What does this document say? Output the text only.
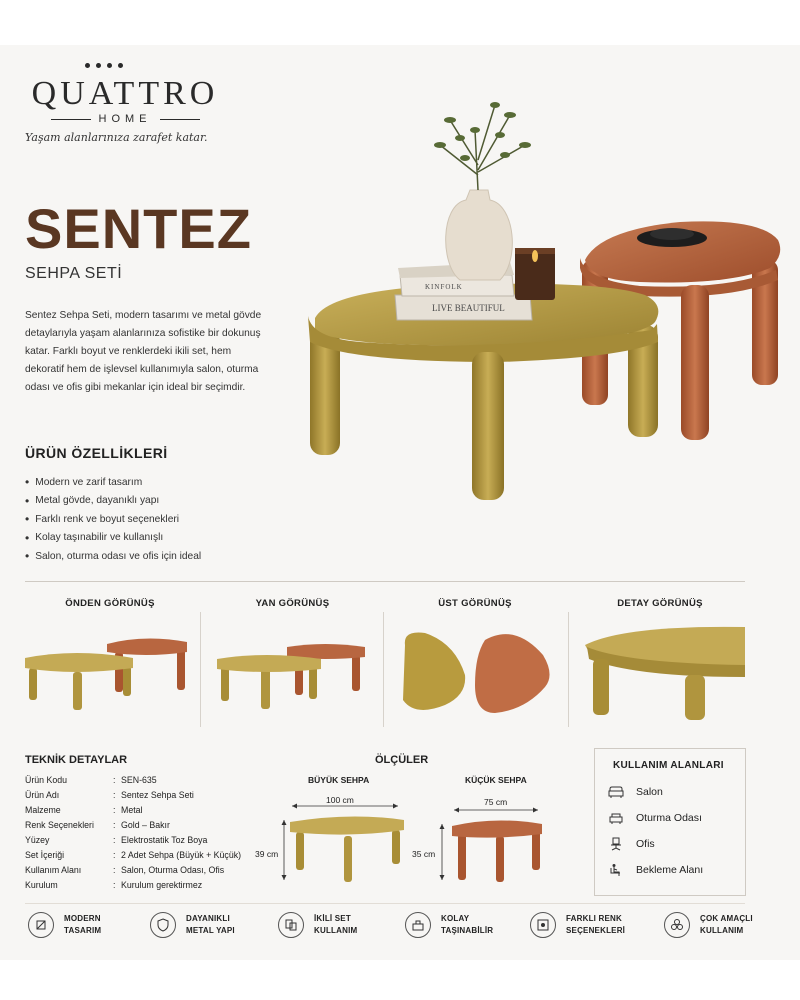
QUATTRO
HOME
Yaşam alanlarınıza zarafet katar.
SENTEZ
SEHPA SETİ
Sentez Sehpa Seti, modern tasarımı ve metal gövde detaylarıyla yaşam alanlarınıza sofistike bir dokunuş katar. Farklı boyut ve renklerdeki ikili set, hem dekoratif hem de işlevsel kullanımıyla salon, oturma odası ve ofis gibi mekanlar için ideal bir seçimdir.
ÜRÜN ÖZELLİKLERİ
• Modern ve zarif tasarım
• Metal gövde, dayanıklı yapı
• Farklı renk ve boyut seçenekleri
• Kolay taşınabilir ve kullanışlı
• Salon, oturma odası ve ofis için ideal
KINFOLK
LIVE BEAUTIFUL
ÖNDEN GÖRÜNÜŞ	YAN GÖRÜNÜŞ	ÜST GÖRÜNÜŞ	DETAY GÖRÜNÜŞ
TEKNİK DETAYLAR
Ürün Kodu	: SEN-635
Ürün Adı	: Sentez Sehpa Seti
Malzeme	: Metal
Renk Seçenekleri	: Gold – Bakır
Yüzey	: Elektrostatik Toz Boya
Set İçeriği	: 2 Adet Sehpa (Büyük + Küçük)
Kullanım Alanı	: Salon, Oturma Odası, Ofis
Kurulum	: Kurulum gerektirmez
ÖLÇÜLER
BÜYÜK SEHPA	KÜÇÜK SEHPA
100 cm	75 cm
39 cm	35 cm
KULLANIM ALANLARI
Salon
Oturma Odası
Ofis
Bekleme Alanı
MODERN
TASARIM
DAYANIKLI
METAL YAPI
İKİLİ SET
KULLANIM
KOLAY
TAŞINABİLİR
FARKLI RENK
SEÇENEKLERİ
ÇOK AMAÇLI
KULLANIM
